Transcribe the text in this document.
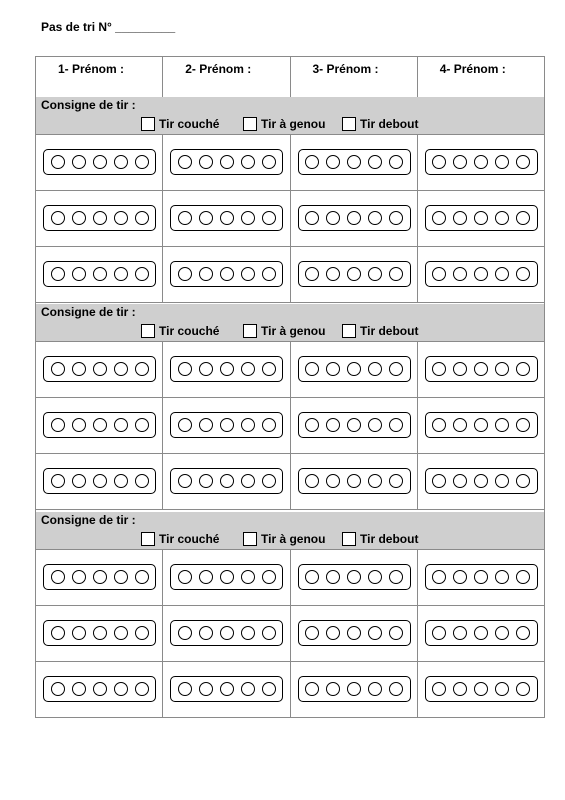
Pas de tri N° _________
1- Prénom :	2- Prénom :	3- Prénom :	4- Prénom :
Consigne de tir :
Tir couché	Tir à genou	Tir debout
Consigne de tir :
Tir couché	Tir à genou	Tir debout
Consigne de tir :
Tir couché	Tir à genou	Tir debout
